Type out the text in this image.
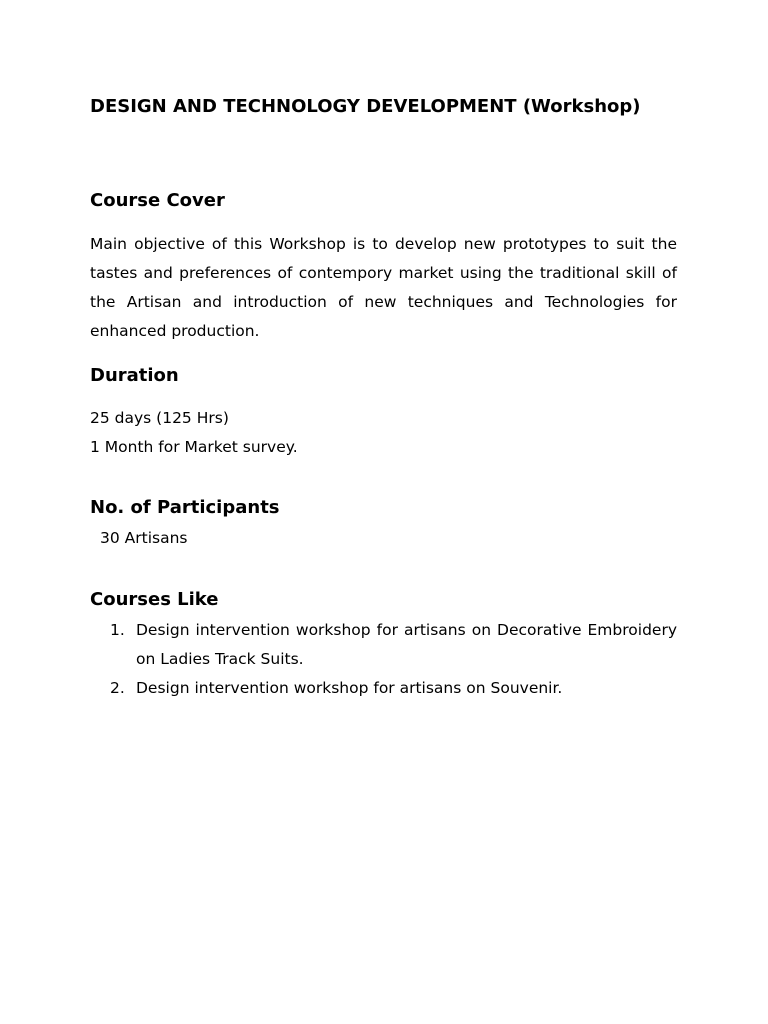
DESIGN AND TECHNOLOGY DEVELOPMENT (Workshop)
Course Cover

Main objective of this Workshop is to develop new prototypes to suit the tastes and preferences of contempory market using the traditional skill of the Artisan and introduction of new techniques and Technologies for enhanced production.

Duration

25 days (125 Hrs)

1 Month for Market survey.

No. of Participants

30 Artisans

Courses Like
1. Design intervention workshop for artisans on Decorative Embroidery on Ladies Track Suits.
2. Design intervention workshop for artisans on Souvenir.
